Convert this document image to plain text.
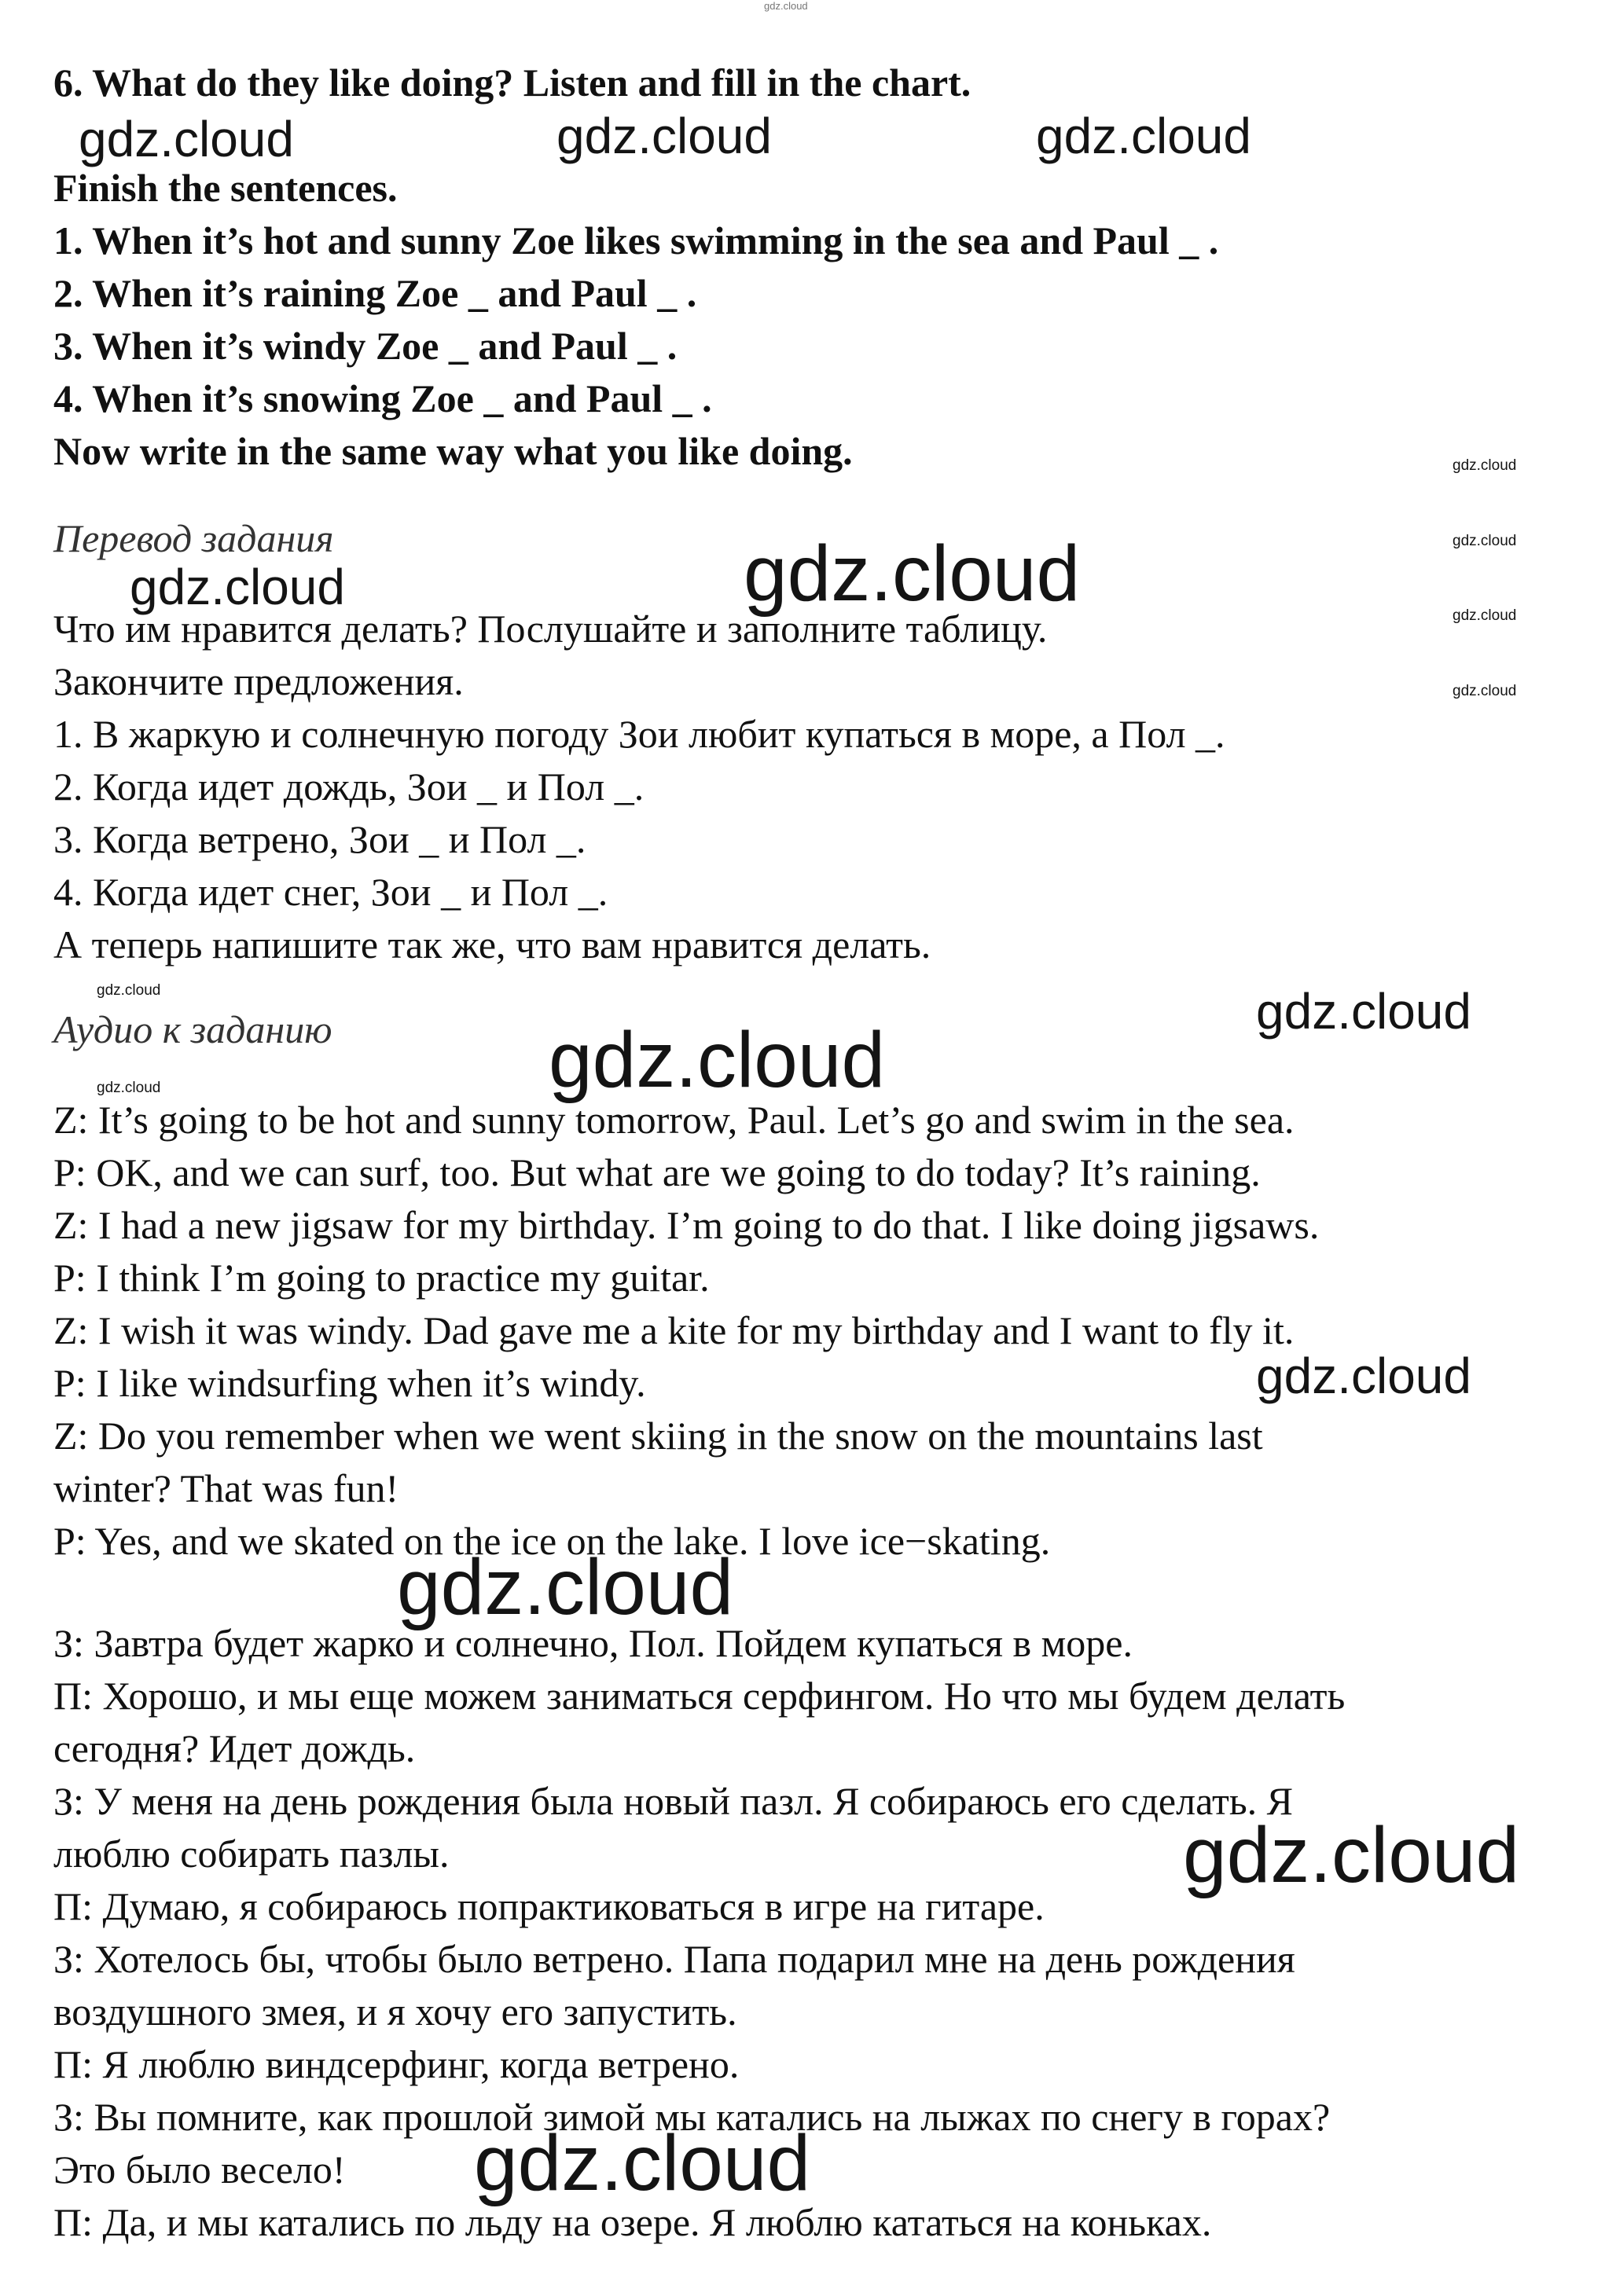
gdz.cloud
gdz.cloud	gdz.cloud	gdz.cloud
gdz.cloud
gdz.cloud
gdz.cloud
gdz.cloud
gdz.cloud	gdz.cloud
gdz.cloud	gdz.cloud
gdz.cloud
gdz.cloud
gdz.cloud
gdz.cloud
gdz.cloud
gdz.cloud
6. What do they like doing? Listen and fill in the chart.
Finish the sentences.
1. When it’s hot and sunny Zoe likes swimming in the sea and Paul _ .
2. When it’s raining Zoe _ and Paul _ .
3. When it’s windy Zoe _ and Paul _ .
4. When it’s snowing Zoe _ and Paul _ .
Now write in the same way what you like doing.
Перевод задания
Что им нравится делать? Послушайте и заполните таблицу.
Закончите предложения.
1. В жаркую и солнечную погоду Зои любит купаться в море, а Пол _.
2. Когда идет дождь, Зои _ и Пол _.
3. Когда ветрено, Зои _ и Пол _.
4. Когда идет снег, Зои _ и Пол _.
А теперь напишите так же, что вам нравится делать.
Аудио к заданию
Z: It’s going to be hot and sunny tomorrow, Paul. Let’s go and swim in the sea.
P: OK, and we can surf, too. But what are we going to do today? It’s raining.
Z: I had a new jigsaw for my birthday. I’m going to do that. I like doing jigsaws.
P: I think I’m going to practice my guitar.
Z: I wish it was windy. Dad gave me a kite for my birthday and I want to fly it.
P: I like windsurfing when it’s windy.
Z: Do you remember when we went skiing in the snow on the mountains last
winter? That was fun!
P: Yes, and we skated on the ice on the lake. I love ice−skating.
З: Завтра будет жарко и солнечно, Пол. Пойдем купаться в море.
П: Хорошо, и мы еще можем заниматься серфингом. Но что мы будем делать
сегодня? Идет дождь.
З: У меня на день рождения была новый пазл. Я собираюсь его сделать. Я
люблю собирать пазлы.
П: Думаю, я собираюсь попрактиковаться в игре на гитаре.
З: Хотелось бы, чтобы было ветрено. Папа подарил мне на день рождения
воздушного змея, и я хочу его запустить.
П: Я люблю виндсерфинг, когда ветрено.
З: Вы помните, как прошлой зимой мы катались на лыжах по снегу в горах?
Это было весело!
П: Да, и мы катались по льду на озере. Я люблю кататься на коньках.
